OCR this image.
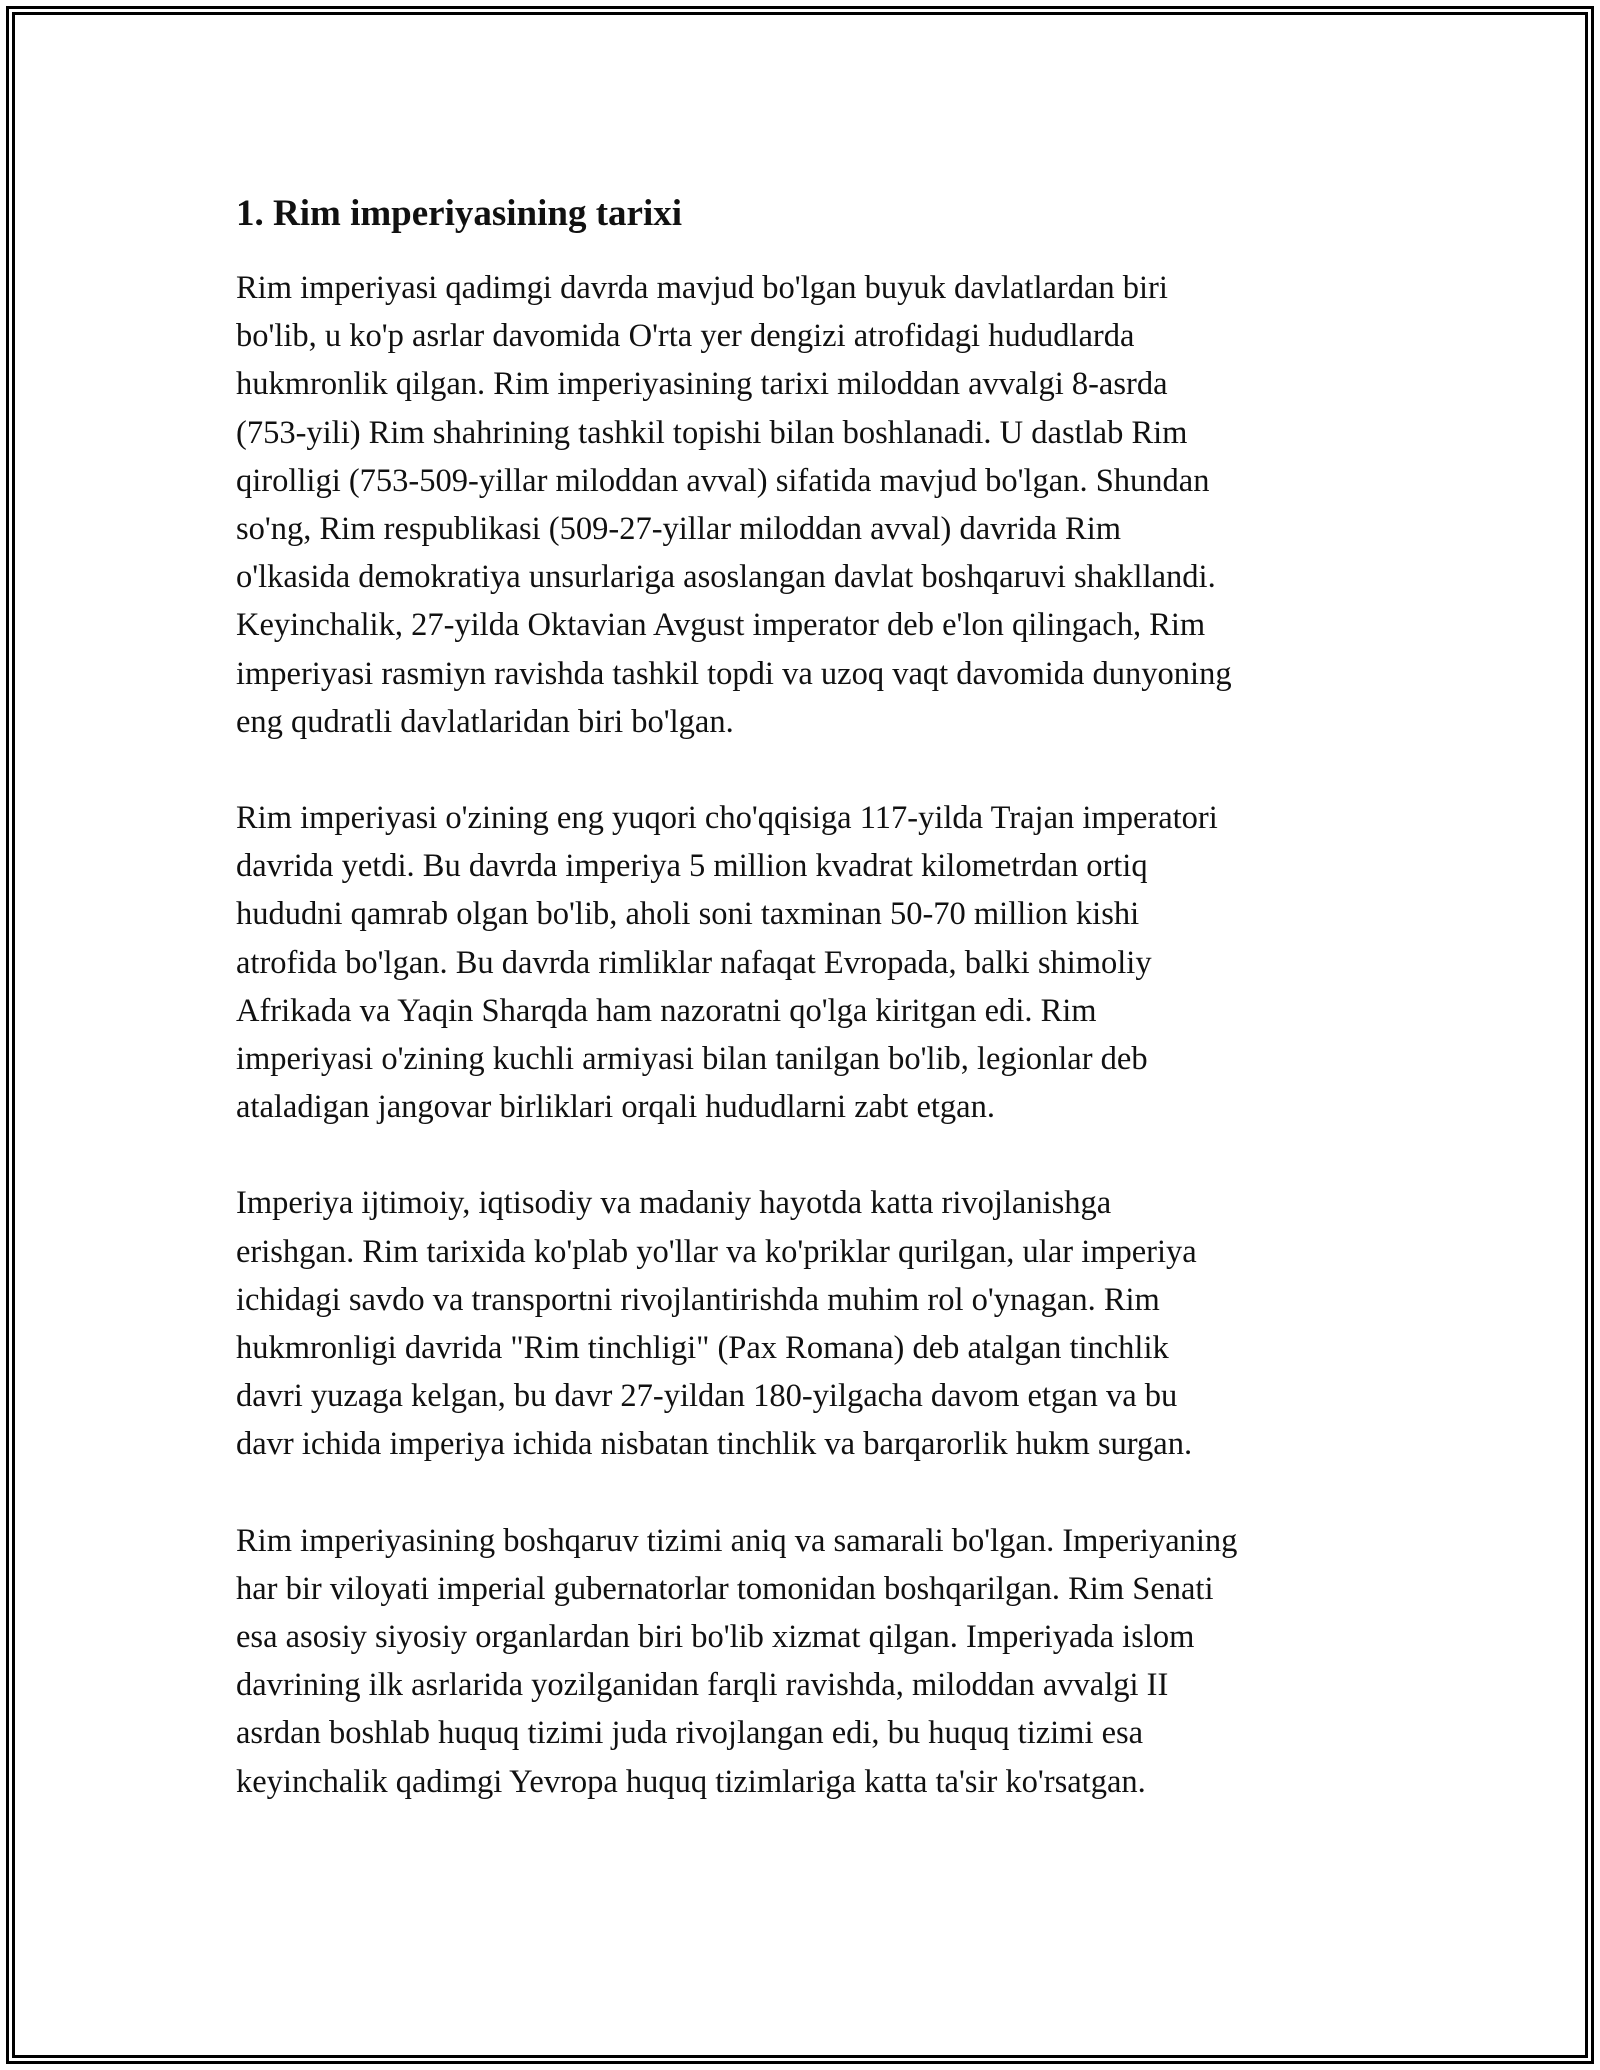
1. Rim imperiyasining tarixi

Rim imperiyasi qadimgi davrda mavjud bo'lgan buyuk davlatlardan biri
bo'lib, u ko'p asrlar davomida O'rta yer dengizi atrofidagi hududlarda
hukmronlik qilgan. Rim imperiyasining tarixi miloddan avvalgi 8-asrda
(753-yili) Rim shahrining tashkil topishi bilan boshlanadi. U dastlab Rim
qirolligi (753-509-yillar miloddan avval) sifatida mavjud bo'lgan. Shundan
so'ng, Rim respublikasi (509-27-yillar miloddan avval) davrida Rim
o'lkasida demokratiya unsurlariga asoslangan davlat boshqaruvi shakllandi.
Keyinchalik, 27-yilda Oktavian Avgust imperator deb e'lon qilingach, Rim
imperiyasi rasmiyn ravishda tashkil topdi va uzoq vaqt davomida dunyoning
eng qudratli davlatlaridan biri bo'lgan.

Rim imperiyasi o'zining eng yuqori cho'qqisiga 117-yilda Trajan imperatori
davrida yetdi. Bu davrda imperiya 5 million kvadrat kilometrdan ortiq
hududni qamrab olgan bo'lib, aholi soni taxminan 50-70 million kishi
atrofida bo'lgan. Bu davrda rimliklar nafaqat Evropada, balki shimoliy
Afrikada va Yaqin Sharqda ham nazoratni qo'lga kiritgan edi. Rim
imperiyasi o'zining kuchli armiyasi bilan tanilgan bo'lib, legionlar deb
ataladigan jangovar birliklari orqali hududlarni zabt etgan.

Imperiya ijtimoiy, iqtisodiy va madaniy hayotda katta rivojlanishga
erishgan. Rim tarixida ko'plab yo'llar va ko'priklar qurilgan, ular imperiya
ichidagi savdo va transportni rivojlantirishda muhim rol o'ynagan. Rim
hukmronligi davrida "Rim tinchligi" (Pax Romana) deb atalgan tinchlik
davri yuzaga kelgan, bu davr 27-yildan 180-yilgacha davom etgan va bu
davr ichida imperiya ichida nisbatan tinchlik va barqarorlik hukm surgan.

Rim imperiyasining boshqaruv tizimi aniq va samarali bo'lgan. Imperiyaning
har bir viloyati imperial gubernatorlar tomonidan boshqarilgan. Rim Senati
esa asosiy siyosiy organlardan biri bo'lib xizmat qilgan. Imperiyada islom
davrining ilk asrlarida yozilganidan farqli ravishda, miloddan avvalgi II
asrdan boshlab huquq tizimi juda rivojlangan edi, bu huquq tizimi esa
keyinchalik qadimgi Yevropa huquq tizimlariga katta ta'sir ko'rsatgan.
